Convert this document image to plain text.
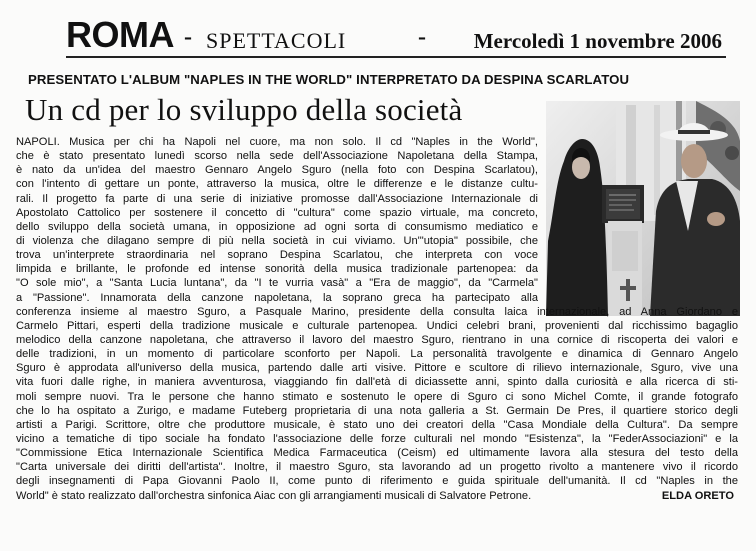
ROMA - SPETTACOLI	- Mercoledì 1 novembre 2006
PRESENTATO L'ALBUM "NAPLES IN THE WORLD" INTERPRETATO DA DESPINA SCARLATOU
Un cd per lo sviluppo della società
NAPOLI. Musica per chi ha Napoli nel cuore, ma non solo. Il cd "Naples in the World",
che è stato presentato lunedì scorso nella sede dell'Associazione Napoletana della Stampa,
è nato da un'idea del maestro Gennaro Angelo Sguro (nella foto con Despina Scarlatou),
con l'intento di gettare un ponte, attraverso la musica, oltre le differenze e le distanze cultu-
rali. Il progetto fa parte di una serie di iniziative promosse dall'Associazione Internazionale di
Apostolato Cattolico per sostenere il concetto di "cultura" come spazio virtuale, ma concreto,
dello sviluppo della società umana, in opposizione ad ogni sorta di consumismo mediatico e
di violenza che dilagano sempre di più nella società in cui viviamo. Un'"utopia" possibile, che
trova un'interprete straordinaria nel soprano Despina Scarlatou, che interpreta con voce
limpida e brillante, le profonde ed intense sonorità della musica tradizionale partenopea: da
"O sole mio", a "Santa Lucia luntana", da "I te vurria vasà" a "Era de maggio", da "Carmela"
a "Passione". Innamorata della canzone napoletana, la soprano greca ha partecipato alla
conferenza insieme al maestro Sguro, a Pasquale Marino, presidente della consulta laica internazionale, ad Anna Giordano e
Carmelo Pittari, esperti della tradizione musicale e culturale partenopea. Undici celebri brani, provenienti dal ricchissimo bagaglio
melodico della canzone napoletana, che attraverso il lavoro del maestro Sguro, rientrano in una cornice di riscoperta dei valori e
delle tradizioni, in un momento di particolare sconforto per Napoli. La personalità travolgente e dinamica di Gennaro Angelo
Sguro è approdata all'universo della musica, partendo dalle arti visive. Pittore e scultore di rilievo internazionale, Sguro, vive una
vita fuori dalle righe, in maniera avventurosa, viaggiando fin dall'età di diciassette anni, spinto dalla curiosità e alla ricerca di sti-
moli sempre nuovi. Tra le persone che hanno stimato e sostenuto le opere di Sguro ci sono Michel Comte, il grande fotografo
che lo ha ospitato a Zurigo, e madame Futeberg proprietaria di una nota galleria a St. Germain De Pres, il quartiere storico degli
artisti a Parigi. Scrittore, oltre che produttore musicale, è stato uno dei creatori della "Casa Mondiale della Cultura". Da sempre
vicino a tematiche di tipo sociale ha fondato l'associazione delle forze culturali nel mondo "Esistenza", la "FederAssociazioni" e la
"Commissione Etica Internazionale Scientifica Medica Farmaceutica (Ceism) ed ultimamente lavora alla stesura del testo della
"Carta universale dei diritti dell'artista". Inoltre, il maestro Sguro, sta lavorando ad un progetto rivolto a mantenere vivo il ricordo
degli insegnamenti di Papa Giovanni Paolo II, come punto di riferimento e guida spirituale dell'umanità. Il cd "Naples in the
World" è stato realizzato dall'orchestra sinfonica Aiac con gli arrangiamenti musicali di Salvatore Petrone.	ELDA ORETO
